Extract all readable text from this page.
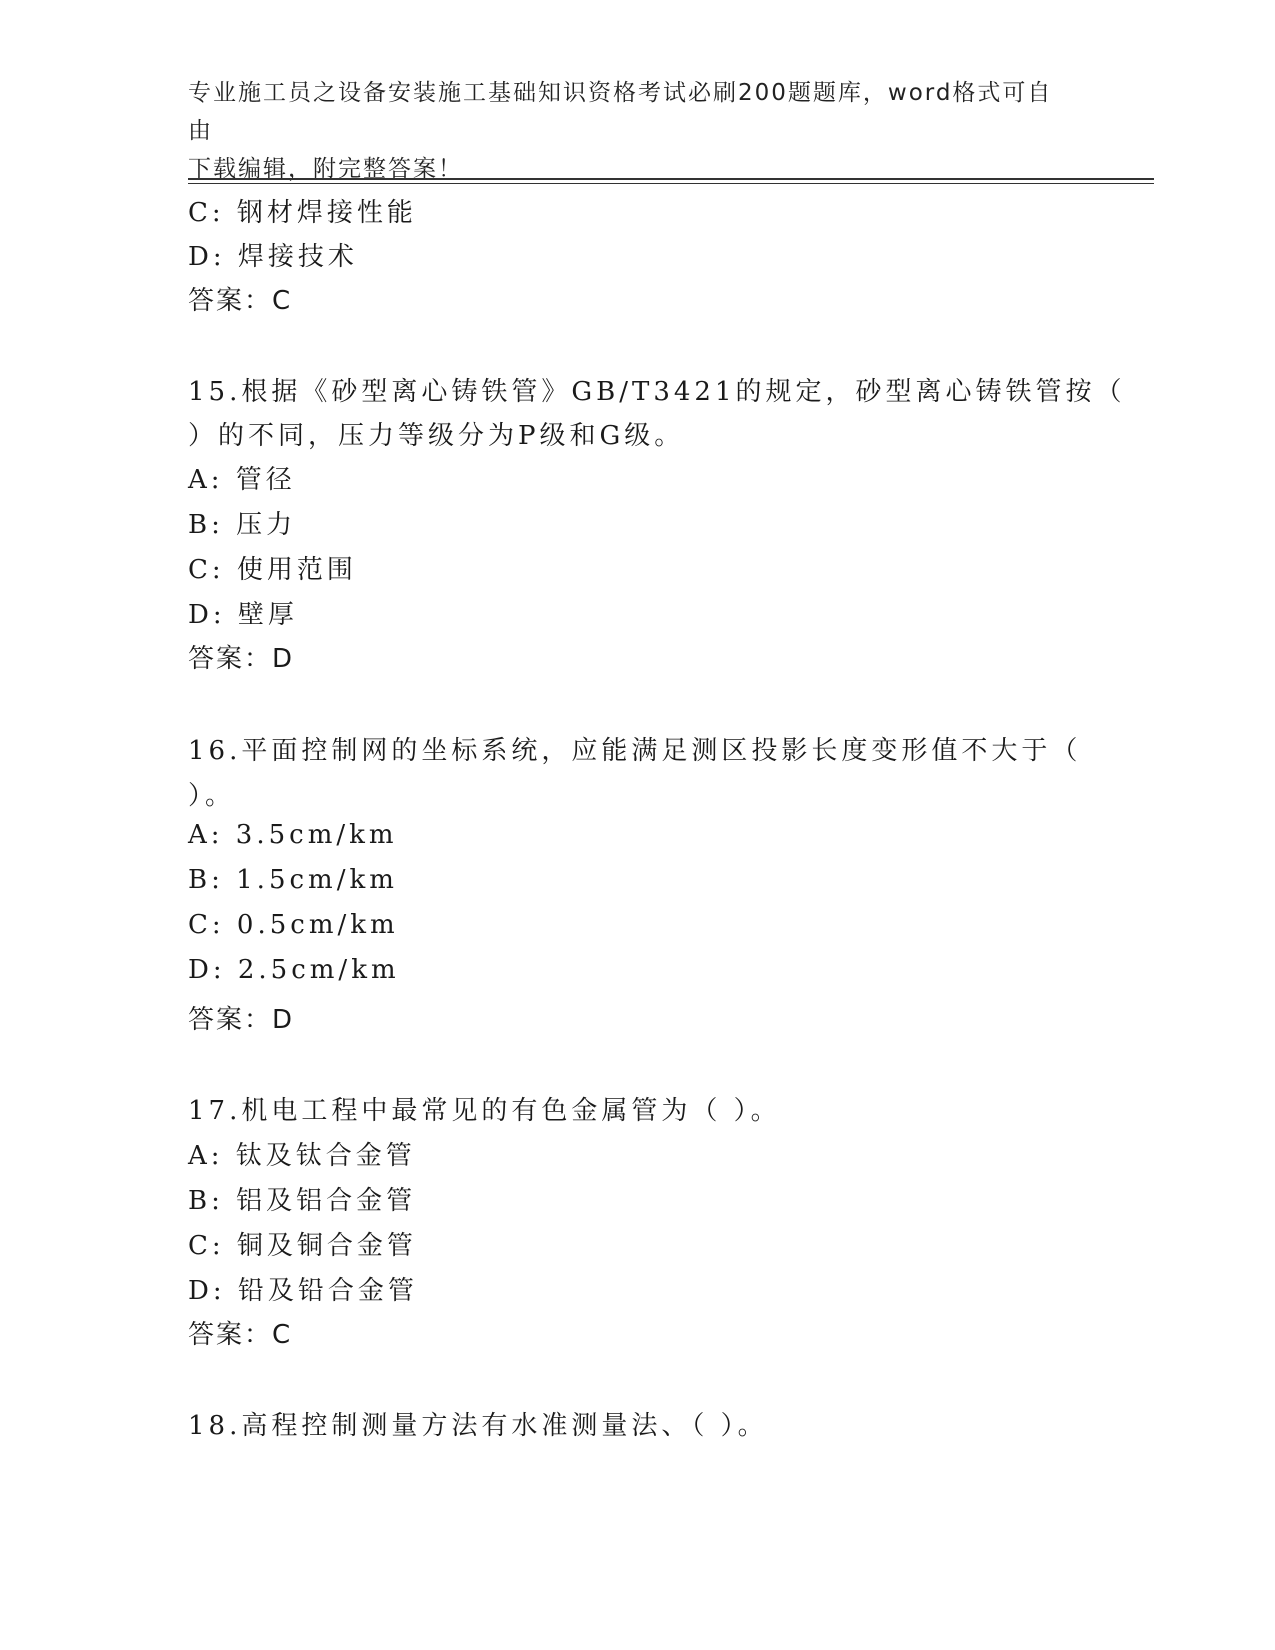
专业施工员之设备安装施工基础知识资格考试必刷200题题库，word格式可自由
下载编辑，附完整答案！
C: 钢材焊接性能
D: 焊接技术
答案：C
15.根据《砂型离心铸铁管》GB/T3421的规定，砂型离心铸铁管按（
）的不同，压力等级分为P级和G级。
A: 管径
B: 压力
C: 使用范围
D: 壁厚
答案：D
16.平面控制网的坐标系统，应能满足测区投影长度变形值不大于（
）。
A: 3.5cm/km
B: 1.5cm/km
C: 0.5cm/km
D: 2.5cm/km
答案：D
17.机电工程中最常见的有色金属管为（ ）。
A: 钛及钛合金管
B: 铝及铝合金管
C: 铜及铜合金管
D: 铅及铅合金管
答案：C
18.高程控制测量方法有水准测量法、（ ）。
